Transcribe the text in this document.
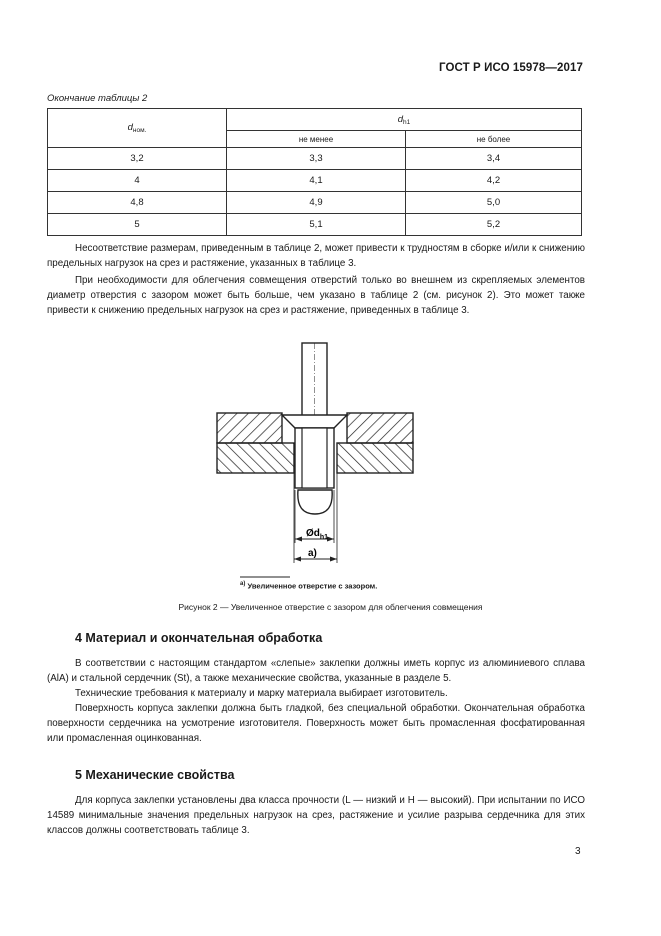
ГОСТ Р ИСО 15978—2017
Окончание таблицы 2
$d_{ном.}$	$d_{h1}$
	не менее	не более
3,2	3,3	3,4
4	4,1	4,2
4,8	4,9	5,0
5	5,1	5,2

Несоответствие размерам, приведенным в таблице 2, может привести к трудностям в сборке и/или к снижению предельных нагрузок на срез и растяжение, указанных в таблице 3.

При необходимости для облегчения совмещения отверстий только во внешнем из скрепляемых элементов диаметр отверстия с зазором может быть больше, чем указано в таблице 2 (см. рисунок 2). Это может также привести к снижению предельных нагрузок на срез и растяжение, приведенных в таблице 3.

$Ød_{h1}$
a)
$^{a)}$ Увеличенное отверстие с зазором.
Рисунок 2 — Увеличенное отверстие с зазором для облегчения совмещения
4 Материал и окончательная обработка

В соответствии с настоящим стандартом «слепые» заклепки должны иметь корпус из алюминиевого сплава (AlA) и стальной сердечник (St), а также механические свойства, указанные в разделе 5.

Технические требования к материалу и марку материала выбирает изготовитель.

Поверхность корпуса заклепки должна быть гладкой, без специальной обработки. Окончательная обработка поверхности сердечника на усмотрение изготовителя. Поверхность может быть промасленная фосфатированная или промасленная оцинкованная.

5 Механические свойства

Для корпуса заклепки установлены два класса прочности (L — низкий и H — высокий). При испытании по ИСО 14589 минимальные значения предельных нагрузок на срез, растяжение и усилие разрыва сердечника для этих классов должны соответствовать таблице 3.

3
